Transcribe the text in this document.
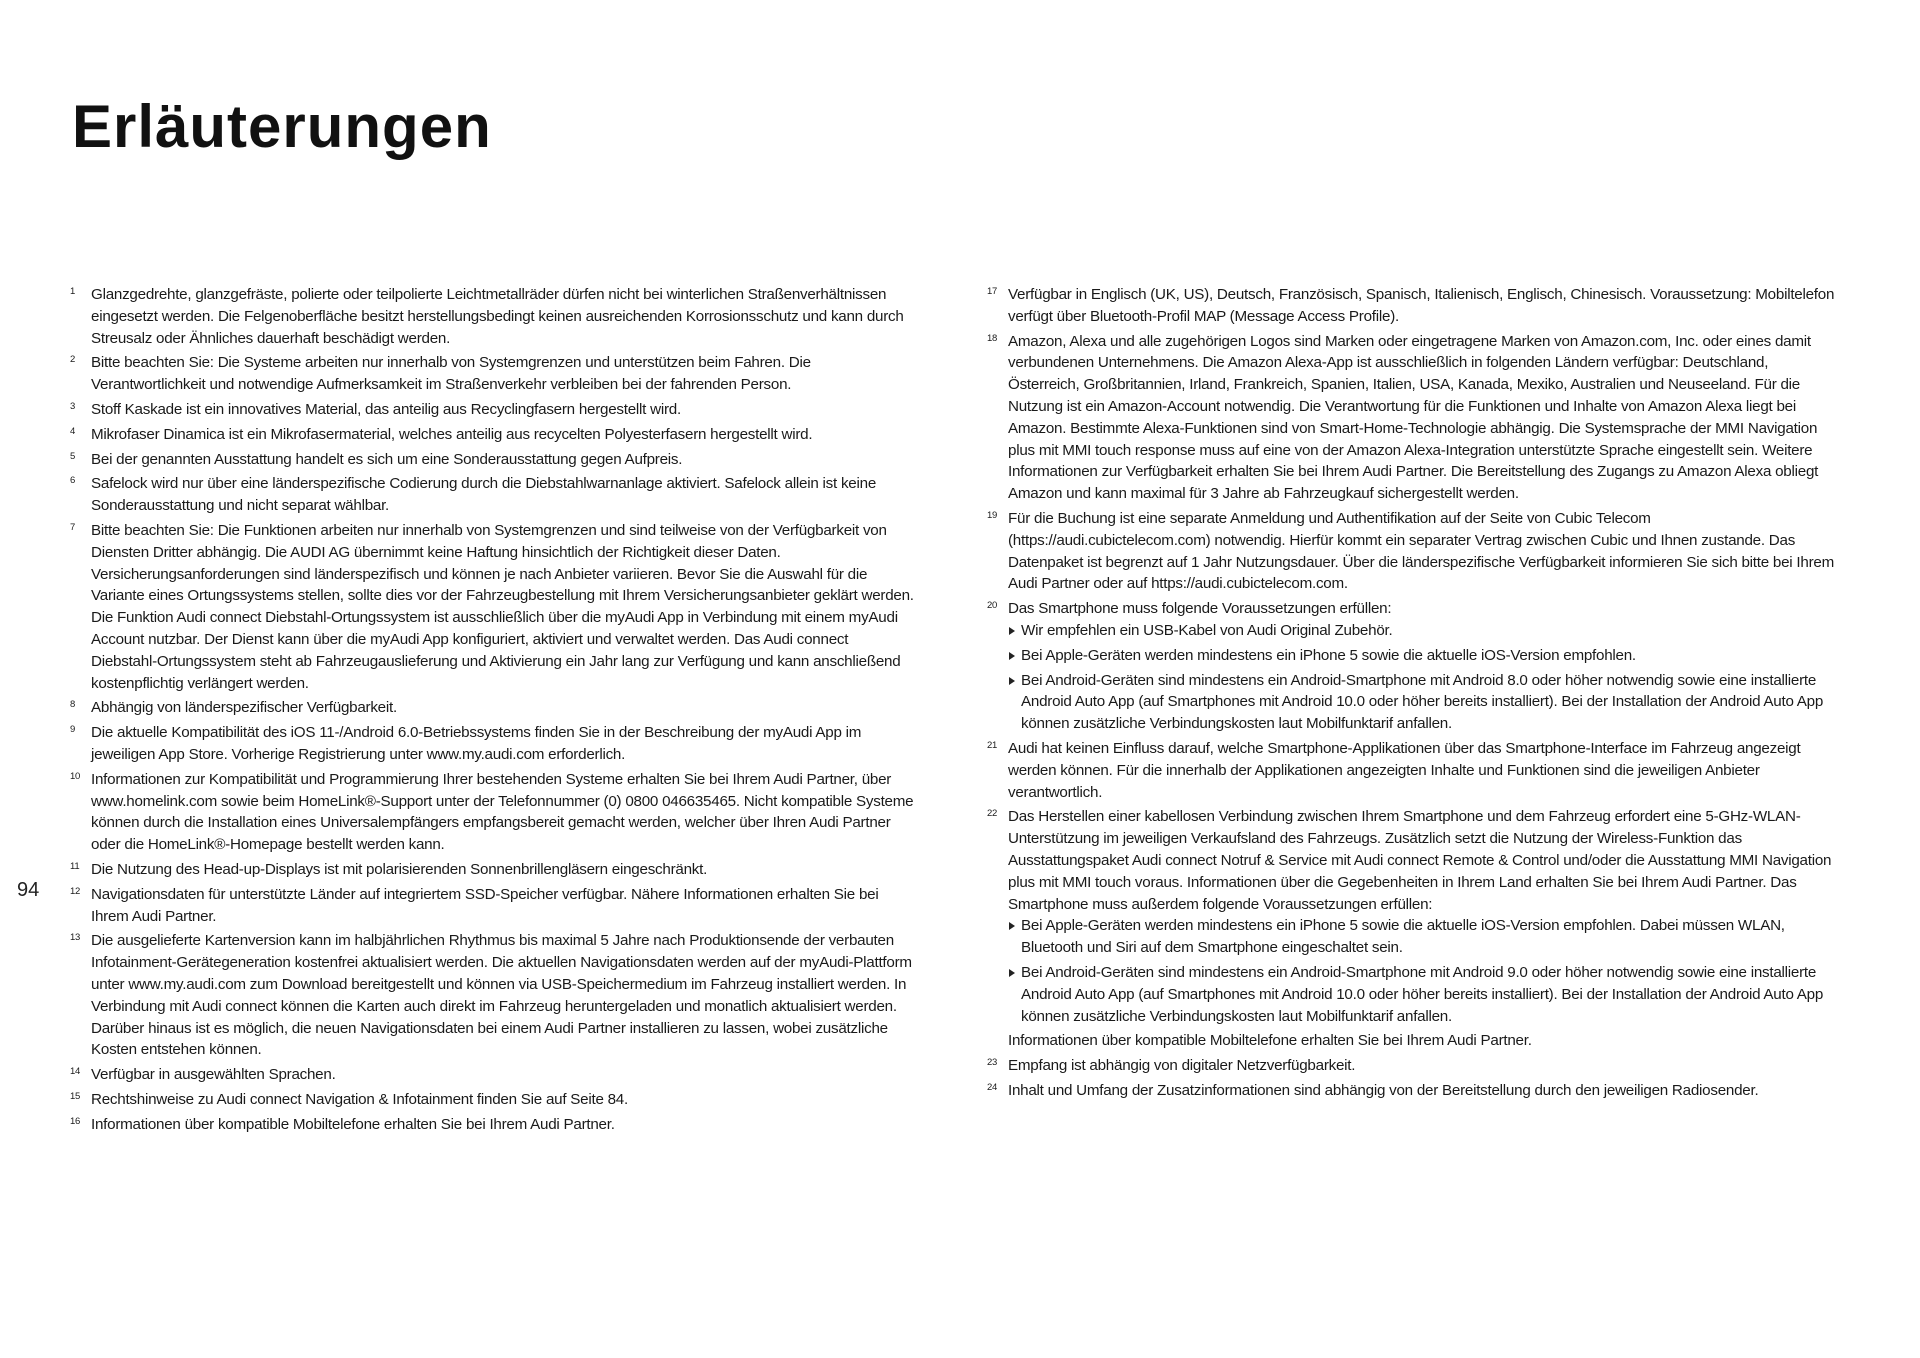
Erläuterungen
94
1 Glanzgedrehte, glanzgefräste, polierte oder teilpolierte Leichtmetallräder dürfen nicht bei winterlichen Straßenverhältnissen eingesetzt werden. Die Felgenoberfläche besitzt herstellungsbedingt keinen ausreichenden Korrosionsschutz und kann durch Streusalz oder Ähnliches dauerhaft beschädigt werden.
2 Bitte beachten Sie: Die Systeme arbeiten nur innerhalb von Systemgrenzen und unterstützen beim Fahren. Die Verantwortlichkeit und notwendige Aufmerksamkeit im Straßenverkehr verbleiben bei der fahrenden Person.
3 Stoff Kaskade ist ein innovatives Material, das anteilig aus Recyclingfasern hergestellt wird.
4 Mikrofaser Dinamica ist ein Mikrofasermaterial, welches anteilig aus recycelten Polyesterfasern hergestellt wird.
5 Bei der genannten Ausstattung handelt es sich um eine Sonderausstattung gegen Aufpreis.
6 Safelock wird nur über eine länderspezifische Codierung durch die Diebstahlwarnanlage aktiviert. Safelock allein ist keine Sonderausstattung und nicht separat wählbar.
7 Bitte beachten Sie: Die Funktionen arbeiten nur innerhalb von Systemgrenzen und sind teilweise von der Verfügbarkeit von Diensten Dritter abhängig. Die AUDI AG übernimmt keine Haftung hinsichtlich der Richtigkeit dieser Daten. Versicherungsanforderungen sind länderspezifisch und können je nach Anbieter variieren. Bevor Sie die Auswahl für die Variante eines Ortungssystems stellen, sollte dies vor der Fahrzeugbestellung mit Ihrem Versicherungsanbieter geklärt werden. Die Funktion Audi connect Diebstahl-Ortungssystem ist ausschließlich über die myAudi App in Verbindung mit einem myAudi Account nutzbar. Der Dienst kann über die myAudi App konfiguriert, aktiviert und verwaltet werden. Das Audi connect Diebstahl-Ortungssystem steht ab Fahrzeugauslieferung und Aktivierung ein Jahr lang zur Verfügung und kann anschließend kostenpflichtig verlängert werden.
8 Abhängig von länderspezifischer Verfügbarkeit.
9 Die aktuelle Kompatibilität des iOS 11-/Android 6.0-Betriebssystems finden Sie in der Beschreibung der myAudi App im jeweiligen App Store. Vorherige Registrierung unter www.my.audi.com erforderlich.
10 Informationen zur Kompatibilität und Programmierung Ihrer bestehenden Systeme erhalten Sie bei Ihrem Audi Partner, über www.homelink.com sowie beim HomeLink®-Support unter der Telefonnummer (0) 0800 046635465. Nicht kompatible Systeme können durch die Installation eines Universalempfängers empfangsbereit gemacht werden, welcher über Ihren Audi Partner oder die HomeLink®-Homepage bestellt werden kann.
11 Die Nutzung des Head-up-Displays ist mit polarisierenden Sonnenbrillengläsern eingeschränkt.
12 Navigationsdaten für unterstützte Länder auf integriertem SSD-Speicher verfügbar. Nähere Informationen erhalten Sie bei Ihrem Audi Partner.
13 Die ausgelieferte Kartenversion kann im halbjährlichen Rhythmus bis maximal 5 Jahre nach Produktionsende der verbauten Infotainment-Gerätegeneration kostenfrei aktualisiert werden. Die aktuellen Navigationsdaten werden auf der myAudi-Plattform unter www.my.audi.com zum Download bereitgestellt und können via USB-Speichermedium im Fahrzeug installiert werden. In Verbindung mit Audi connect können die Karten auch direkt im Fahrzeug heruntergeladen und monatlich aktualisiert werden. Darüber hinaus ist es möglich, die neuen Navigationsdaten bei einem Audi Partner installieren zu lassen, wobei zusätzliche Kosten entstehen können.
14 Verfügbar in ausgewählten Sprachen.
15 Rechtshinweise zu Audi connect Navigation & Infotainment finden Sie auf Seite 84.
16 Informationen über kompatible Mobiltelefone erhalten Sie bei Ihrem Audi Partner.
17 Verfügbar in Englisch (UK, US), Deutsch, Französisch, Spanisch, Italienisch, Englisch, Chinesisch. Voraussetzung: Mobiltelefon verfügt über Bluetooth-Profil MAP (Message Access Profile).
18 Amazon, Alexa und alle zugehörigen Logos sind Marken oder eingetragene Marken von Amazon.com, Inc. oder eines damit verbundenen Unternehmens. Die Amazon Alexa-App ist ausschließlich in folgenden Ländern verfügbar: Deutschland, Österreich, Großbritannien, Irland, Frankreich, Spanien, Italien, USA, Kanada, Mexiko, Australien und Neuseeland. Für die Nutzung ist ein Amazon-Account notwendig. Die Verantwortung für die Funktionen und Inhalte von Amazon Alexa liegt bei Amazon. Bestimmte Alexa-Funktionen sind von Smart-Home-Technologie abhängig. Die Systemsprache der MMI Navigation plus mit MMI touch response muss auf eine von der Amazon Alexa-Integration unterstützte Sprache eingestellt sein. Weitere Informationen zur Verfügbarkeit erhalten Sie bei Ihrem Audi Partner. Die Bereitstellung des Zugangs zu Amazon Alexa obliegt Amazon und kann maximal für 3 Jahre ab Fahrzeugkauf sichergestellt werden.
19 Für die Buchung ist eine separate Anmeldung und Authentifikation auf der Seite von Cubic Telecom (https://audi.cubictelecom.com) notwendig. Hierfür kommt ein separater Vertrag zwischen Cubic und Ihnen zustande. Das Datenpaket ist begrenzt auf 1 Jahr Nutzungsdauer. Über die länderspezifische Verfügbarkeit informieren Sie sich bitte bei Ihrem Audi Partner oder auf https://audi.cubictelecom.com.
20 Das Smartphone muss folgende Voraussetzungen erfüllen:
Wir empfehlen ein USB-Kabel von Audi Original Zubehör.
Bei Apple-Geräten werden mindestens ein iPhone 5 sowie die aktuelle iOS-Version empfohlen.
Bei Android-Geräten sind mindestens ein Android-Smartphone mit Android 8.0 oder höher notwendig sowie eine installierte Android Auto App (auf Smartphones mit Android 10.0 oder höher bereits installiert). Bei der Installation der Android Auto App können zusätzliche Verbindungskosten laut Mobilfunktarif anfallen.
21 Audi hat keinen Einfluss darauf, welche Smartphone-Applikationen über das Smartphone-Interface im Fahrzeug angezeigt werden können. Für die innerhalb der Applikationen angezeigten Inhalte und Funktionen sind die jeweiligen Anbieter verantwortlich.
22 Das Herstellen einer kabellosen Verbindung zwischen Ihrem Smartphone und dem Fahrzeug erfordert eine 5-GHz-WLAN-Unterstützung im jeweiligen Verkaufsland des Fahrzeugs. Zusätzlich setzt die Nutzung der Wireless-Funktion das Ausstattungspaket Audi connect Notruf & Service mit Audi connect Remote & Control und/oder die Ausstattung MMI Navigation plus mit MMI touch voraus. Informationen über die Gegebenheiten in Ihrem Land erhalten Sie bei Ihrem Audi Partner. Das Smartphone muss außerdem folgende Voraussetzungen erfüllen:
Bei Apple-Geräten werden mindestens ein iPhone 5 sowie die aktuelle iOS-Version empfohlen. Dabei müssen WLAN, Bluetooth und Siri auf dem Smartphone eingeschaltet sein.
Bei Android-Geräten sind mindestens ein Android-Smartphone mit Android 9.0 oder höher notwendig sowie eine installierte Android Auto App (auf Smartphones mit Android 10.0 oder höher bereits installiert). Bei der Installation der Android Auto App können zusätzliche Verbindungskosten laut Mobilfunktarif anfallen.
Informationen über kompatible Mobiltelefone erhalten Sie bei Ihrem Audi Partner.
23 Empfang ist abhängig von digitaler Netzverfügbarkeit.
24 Inhalt und Umfang der Zusatzinformationen sind abhängig von der Bereitstellung durch den jeweiligen Radiosender.
